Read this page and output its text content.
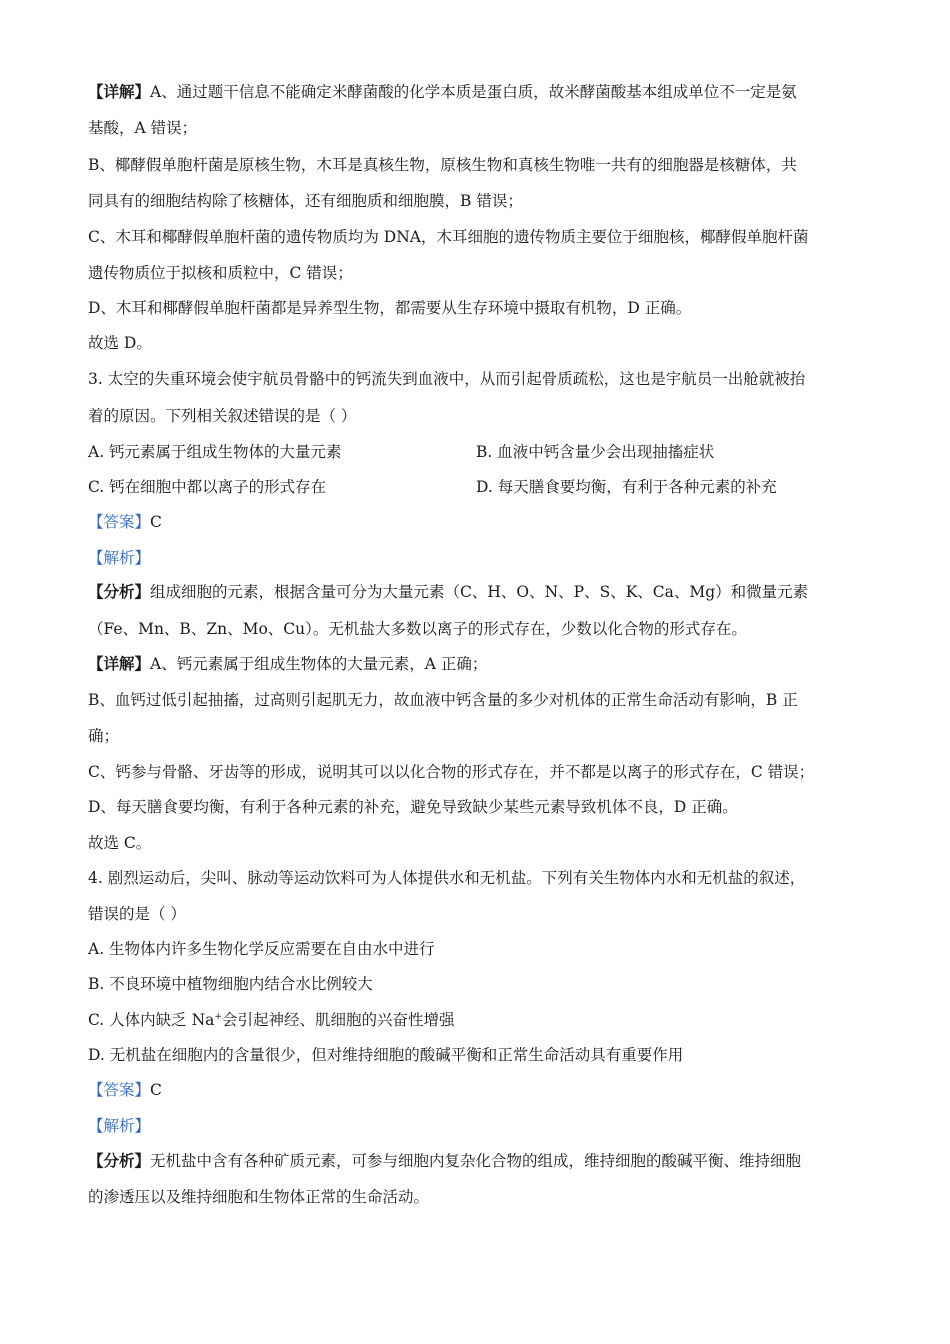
【详解】A、通过题干信息不能确定米酵菌酸的化学本质是蛋白质，故米酵菌酸基本组成单位不一定是氨
基酸，A 错误；
B、椰酵假单胞杆菌是原核生物，木耳是真核生物，原核生物和真核生物唯一共有的细胞器是核糖体，共
同具有的细胞结构除了核糖体，还有细胞质和细胞膜，B 错误；
C、木耳和椰酵假单胞杆菌的遗传物质均为 DNA，木耳细胞的遗传物质主要位于细胞核，椰酵假单胞杆菌
遗传物质位于拟核和质粒中，C 错误；
D、木耳和椰酵假单胞杆菌都是异养型生物，都需要从生存环境中摄取有机物，D 正确。
故选 D。
3. 太空的失重环境会使宇航员骨骼中的钙流失到血液中，从而引起骨质疏松，这也是宇航员一出舱就被抬
着的原因。下列相关叙述错误的是（ ）
A. 钙元素属于组成生物体的大量元素	B. 血液中钙含量少会出现抽搐症状
C. 钙在细胞中都以离子的形式存在	D. 每天膳食要均衡，有利于各种元素的补充
【答案】C
【解析】
【分析】组成细胞的元素，根据含量可分为大量元素（C、H、O、N、P、S、K、Ca、Mg）和微量元素
（Fe、Mn、B、Zn、Mo、Cu）。无机盐大多数以离子的形式存在，少数以化合物的形式存在。
【详解】A、钙元素属于组成生物体的大量元素，A 正确；
B、血钙过低引起抽搐，过高则引起肌无力，故血液中钙含量的多少对机体的正常生命活动有影响，B 正
确；
C、钙参与骨骼、牙齿等的形成，说明其可以以化合物的形式存在，并不都是以离子的形式存在，C 错误；
D、每天膳食要均衡，有利于各种元素的补充，避免导致缺少某些元素导致机体不良，D 正确。
故选 C。
4. 剧烈运动后，尖叫、脉动等运动饮料可为人体提供水和无机盐。下列有关生物体内水和无机盐的叙述，
错误的是（ ）
A. 生物体内许多生物化学反应需要在自由水中进行
B. 不良环境中植物细胞内结合水比例较大
C. 人体内缺乏 Na+会引起神经、肌细胞的兴奋性增强
D. 无机盐在细胞内的含量很少，但对维持细胞的酸碱平衡和正常生命活动具有重要作用
【答案】C
【解析】
【分析】无机盐中含有各种矿质元素，可参与细胞内复杂化合物的组成，维持细胞的酸碱平衡、维持细胞
的渗透压以及维持细胞和生物体正常的生命活动。
